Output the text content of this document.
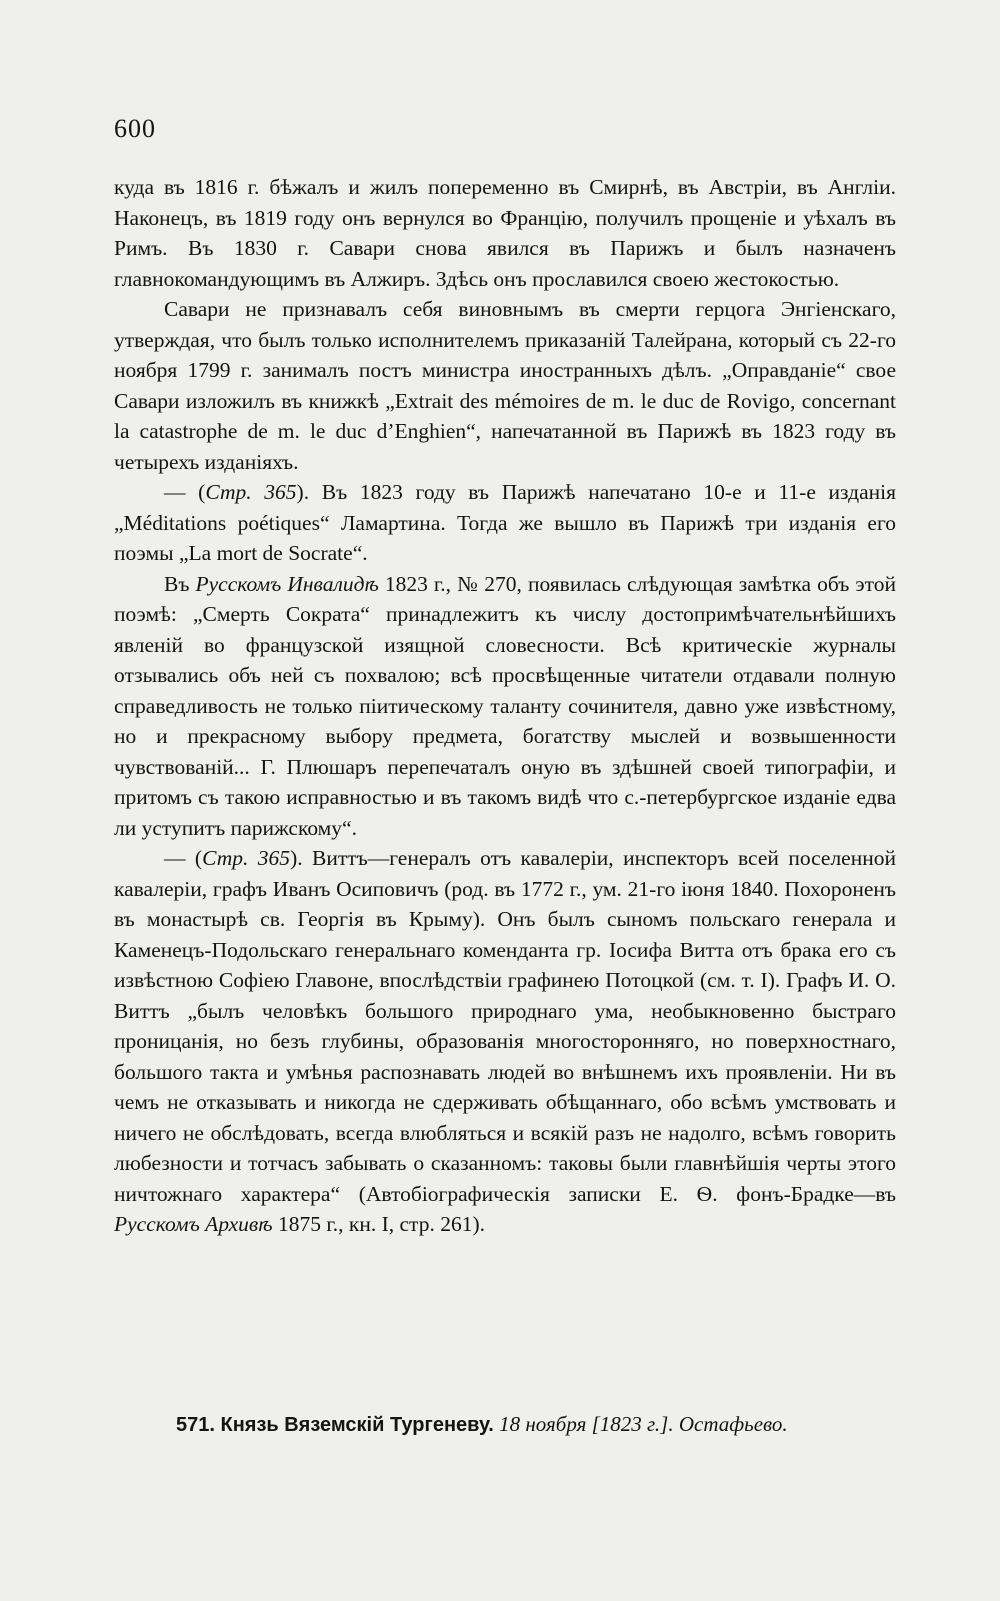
600

куда въ 1816 г. бѣжалъ и жилъ попеременно въ Смирнѣ, въ Австріи, въ Англіи. Наконецъ, въ 1819 году онъ вернулся во Францію, получилъ прощеніе и уѣхалъ въ Римъ. Въ 1830 г. Савари снова явился въ Парижъ и былъ назначенъ главнокомандующимъ въ Алжиръ. Здѣсь онъ прославился своею жестокостью.

Савари не признавалъ себя виновнымъ въ смерти герцога Энгіенскаго, утверждая, что былъ только исполнителемъ приказаній Талейрана, который съ 22-го ноября 1799 г. занималъ постъ министра иностранныхъ дѣлъ. „Оправданіе“ свое Савари изложилъ въ книжкѣ „Extrait des mémoires de m. le duc de Rovigo, concernant la catastrophe de m. le duc d’Enghien“, напечатанной въ Парижѣ въ 1823 году въ четырехъ изданіяхъ.

— (Стр. 365). Въ 1823 году въ Парижѣ напечатано 10-е и 11-е изданія „Méditations poétiques“ Ламартина. Тогда же вышло въ Парижѣ три изданія его поэмы „La mort de Socrate“.

Въ Русскомъ Инвалидѣ 1823 г., № 270, появилась слѣдующая замѣтка объ этой поэмѣ: „Смерть Сократа“ принадлежитъ къ числу достопримѣчательнѣйшихъ явленій во французской изящной словесности. Всѣ критическіе журналы отзывались объ ней съ похвалою; всѣ просвѣщенные читатели отдавали полную справедливость не только піитическому таланту сочинителя, давно уже извѣстному, но и прекрасному выбору предмета, богатству мыслей и возвышенности чувствованій... Г. Плюшаръ перепечаталъ оную въ здѣшней своей типографіи, и притомъ съ такою исправностью и въ такомъ видѣ что с.-петербургское изданіе едва ли уступитъ парижскому“.

— (Стр. 365). Виттъ—генералъ отъ кавалеріи, инспекторъ всей поселенной кавалеріи, графъ Иванъ Осиповичъ (род. въ 1772 г., ум. 21-го іюня 1840. Похороненъ въ монастырѣ св. Георгія въ Крыму). Онъ былъ сыномъ польскаго генерала и Каменецъ-Подольскаго генеральнаго коменданта гр. Іосифа Витта отъ брака его съ извѣстною Софіею Главоне, впослѣдствіи графинею Потоцкой (см. т. I). Графъ И. О. Виттъ „былъ человѣкъ большого природнаго ума, необыкновенно быстраго проницанія, но безъ глубины, образованія многосторонняго, но поверхностнаго, большого такта и умѣнья распознавать людей во внѣшнемъ ихъ проявленіи. Ни въ чемъ не отказывать и никогда не сдерживать обѣщаннаго, обо всѣмъ умствовать и ничего не обслѣдовать, всегда влюбляться и всякій разъ не надолго, всѣмъ говорить любезности и тотчасъ забывать о сказанномъ: таковы были главнѣйшія черты этого ничтожнаго характера“ (Автобіографическія записки Е. Ѳ. фонъ-Брадке—въ Русскомъ Архивѣ 1875 г., кн. I, стр. 261).

571. Князь Вяземскій Тургеневу. 18 ноября [1823 г.]. Остафьево.
